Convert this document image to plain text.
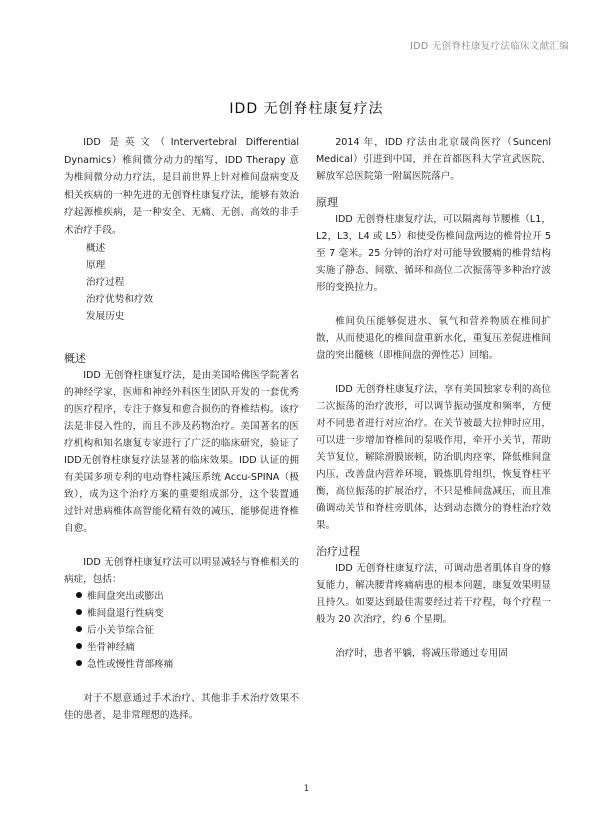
IDD 无创脊柱康复疗法临床文献汇编
IDD 无创脊柱康复疗法

IDD 是英文（Intervertebral Differential Dynamics）椎间微分动力的缩写，IDD Therapy 意为椎间微分动力疗法，是目前世界上针对椎间盘病变及相关疾病的一种先进的无创脊柱康复疗法，能够有效治疗起源椎疾病，是一种安全、无痛、无创、高效的非手术治疗手段。

概述
原理
治疗过程
治疗优势和疗效
发展历史
概述

IDD 无创脊柱康复疗法，是由美国哈佛医学院著名的神经学家，医师和神经外科医生团队开发的一套优秀的医疗程序，专注于修复和愈合损伤的脊椎结构。该疗法是非侵入性的，而且不涉及药物治疗。美国著名的医疗机构和知名康复专家进行了广泛的临床研究，验证了IDD无创脊柱康复疗法显著的临床效果。IDD 认证的拥有美国多项专利的电动脊柱减压系统 Accu-SPINA（极致），成为这个治疗方案的重要组成部分，这个装置通过针对患病椎体高智能化精有效的减压，能够促进脊椎自愈。

IDD 无创脊柱康复疗法可以明显减轻与脊椎相关的病症，包括：

椎间盘突出或膨出
椎间盘退行性病变
后小关节综合征
坐骨神经痛
急性或慢性背部疼痛

对于不愿意通过手术治疗、其他非手术治疗效果不佳的患者，是非常理想的选择。

2014 年，IDD 疗法由北京晟尚医疗（Suncenl Medical）引进到中国，并在首都医科大学宣武医院、解放军总医院第一附属医院落户。

原理

IDD 无创脊柱康复疗法，可以隔离每节腰椎（L1，L2，L3，L4 或 L5）和使受伤椎间盘两边的椎骨拉开 5 至 7 毫米。25 分钟的治疗对可能导致腰痛的椎骨结构实施了静态、间歇、循环和高位二次振荡等多种治疗波形的变换拉力。

椎间负压能够促进水、氧气和营养物质在椎间扩散，从而使退化的椎间盘重新水化，重复压差促进椎间盘的突出髓核（即椎间盘的弹性芯）回缩。

IDD 无创脊柱康复疗法，享有美国独家专利的高位二次振荡的治疗波形，可以调节振动强度和频率，方便对不同患者进行对应治疗。在关节被最大拉伸时应用，可以进一步增加脊椎间的泵吸作用，牵开小关节，帮助关节复位，解除滑膜嵌顿，防治肌肉痉挛，降低椎间盘内压，改善盘内营养环境，锻炼肌骨组织，恢复脊柱平衡，高位振荡的扩展治疗，不只是椎间盘减压，而且准确调动关节和脊柱旁肌体，达到动态微分的脊柱治疗效果。

治疗过程

IDD 无创脊柱康复疗法，可调动患者肌体自身的修复能力，解决腰背疼痛病患的根本问题，康复效果明显且持久。如要达到最佳需要经过若干疗程，每个疗程一般为 20 次治疗，约 6 个星期。

治疗时，患者平躺，将减压带通过专用固

1
